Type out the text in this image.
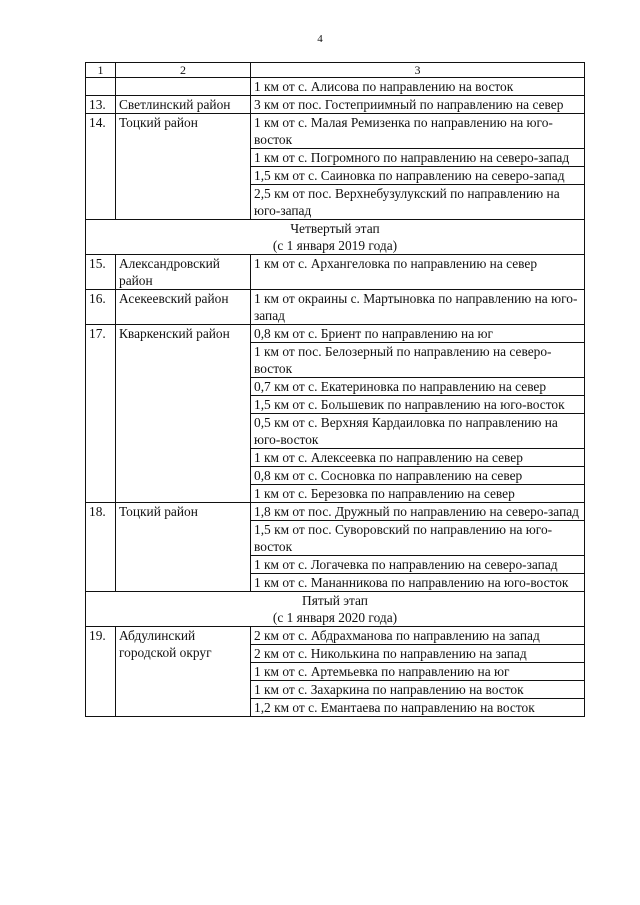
4
1	2	3
		1 км от с. Алисова по направлению на восток
13.	Светлинский район	3 км от пос. Гостеприимный по направлению на север
14.	Тоцкий район	1 км от с. Малая Ремизенка по направлению на юго-восток
		1 км от с. Погромного по направлению на северо-запад
		1,5 км от с. Саиновка по направлению на северо-запад
		2,5 км от пос. Верхнебузулукский по направлению на юго-запад

Четвертый этап
(с 1 января 2019 года)		

15.	Александровский район	1 км от с. Архангеловка по направлению на север
16.	Асекеевский район	1 км от окраины с. Мартыновка по направлению на юго-запад
17.	Кваркенский район	0,8 км от с. Бриент по направлению на юг
		1 км от пос. Белозерный по направлению на северо-восток
		0,7 км от с. Екатериновка по направлению на север
		1,5 км от с. Большевик по направлению на юго-восток
		0,5 км от с. Верхняя Кардаиловка по направлению на юго-восток
		1 км от с. Алексеевка по направлению на север
		0,8 км от с. Сосновка по направлению на север
		1 км от с. Березовка по направлению на север
18.	Тоцкий район	1,8 км от пос. Дружный по направлению на северо-запад
		1,5 км от пос. Суворовский по направлению на юго-восток
		1 км от с. Логачевка по направлению на северо-запад
		1 км от с. Мананникова по направлению на юго-восток

Пятый этап
(с 1 января 2020 года)		

19.	Абдулинский городской округ	2 км от с. Абдрахманова по направлению на запад
		2 км от с. Николькина по направлению на запад
		1 км от с. Артемьевка по направлению на юг
		1 км от с. Захаркина по направлению на восток
		1,2 км от с. Емантаева по направлению на восток
